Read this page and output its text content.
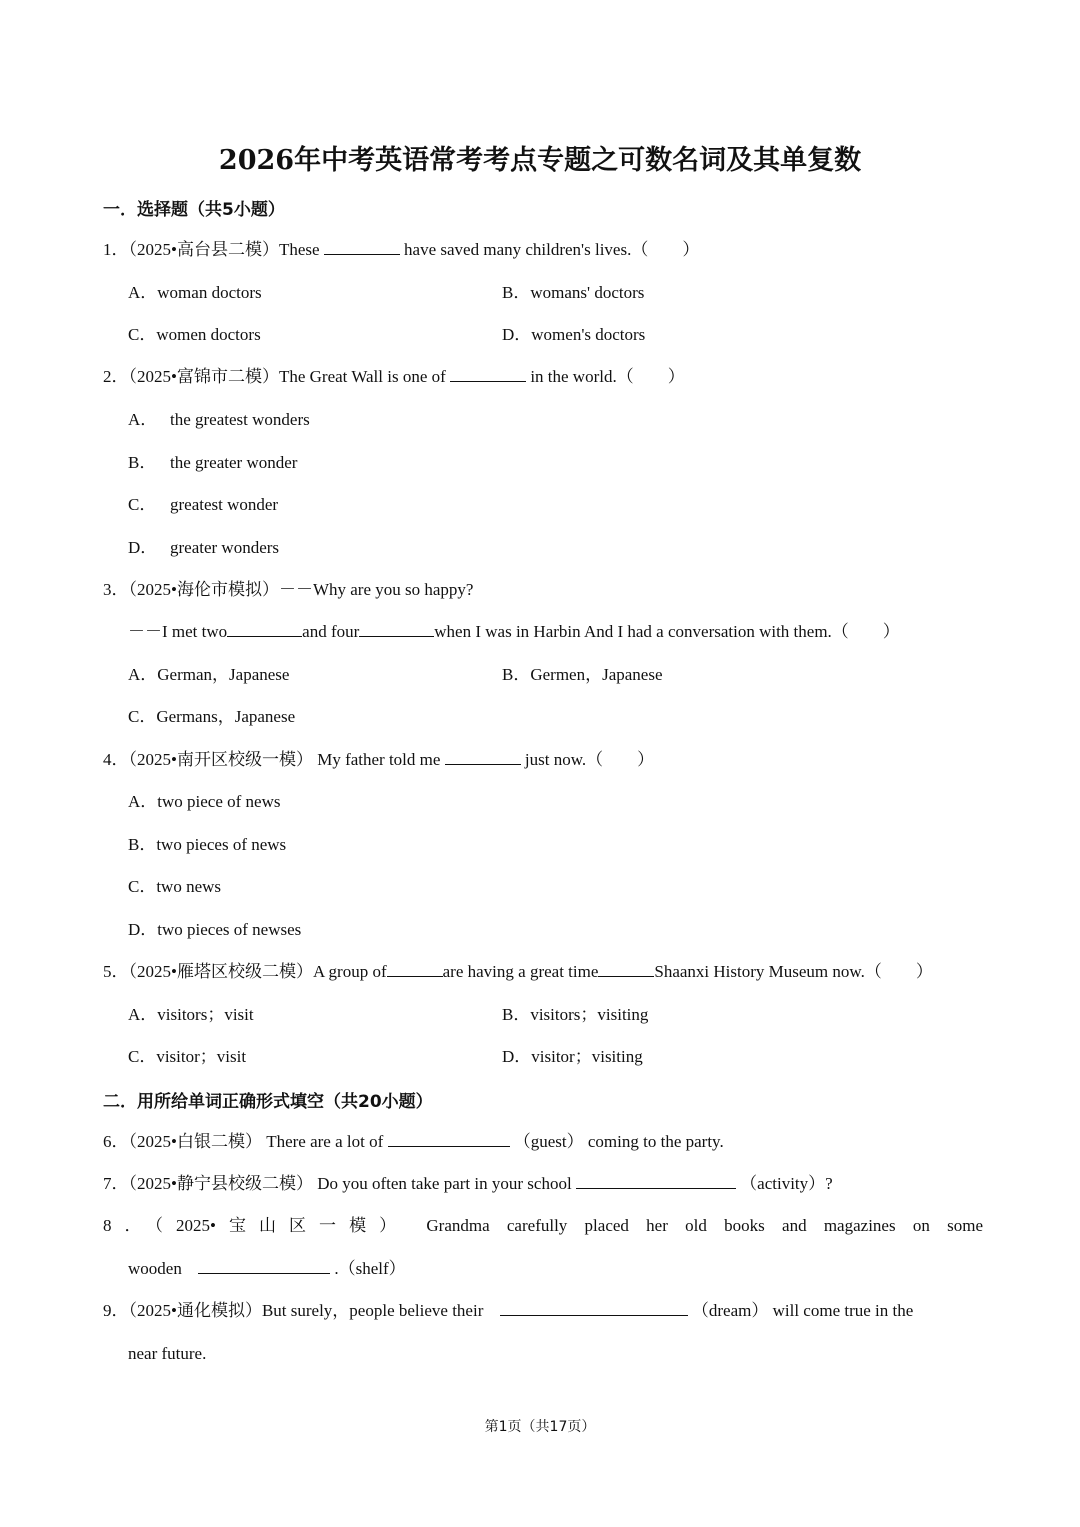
2026年中考英语常考考点专题之可数名词及其单复数
一．选择题（共5小题）
1．（2025•高台县二模）These	have saved many children's lives.（　　）
A．woman doctors	B．womans' doctors
C．women doctors	D．women's doctors
2．（2025•富锦市二模）The Great Wall is one of	in the world.（　　）
A． the greatest wonders
B． the greater wonder
C． greatest wonder
D． greater wonders
3．（2025•海伦市模拟）－－Why are you so happy?
－－I met two	and four	when I was in Harbin And I had a conversation with them.（　　）
A．German，Japanese	B．Germen，Japanese
C．Germans，Japanese
4．（2025•南开区校级一模） My father told me	just now.（　　）
A．two piece of news
B．two pieces of news
C．two news
D．two pieces of newses
5．（2025•雁塔区校级二模）A group of	are having a great time	Shaanxi History Museum now.（　　）
A．visitors；visit	B．visitors；visiting
C．visitor；visit	D．visitor；visiting
二．用所给单词正确形式填空（共20小题）
6．（2025•白银二模） There are a lot of	（guest） coming to the party.
7．（2025•静宁县校级二模） Do you often take part in your school	（activity）?
8．（2025•宝山区一模） Grandma carefully placed her old books and magazines on some
wooden	.（shelf）
9．（2025•通化模拟）But surely，people believe their	（dream） will come true in the
near future.
第1页（共17页）
